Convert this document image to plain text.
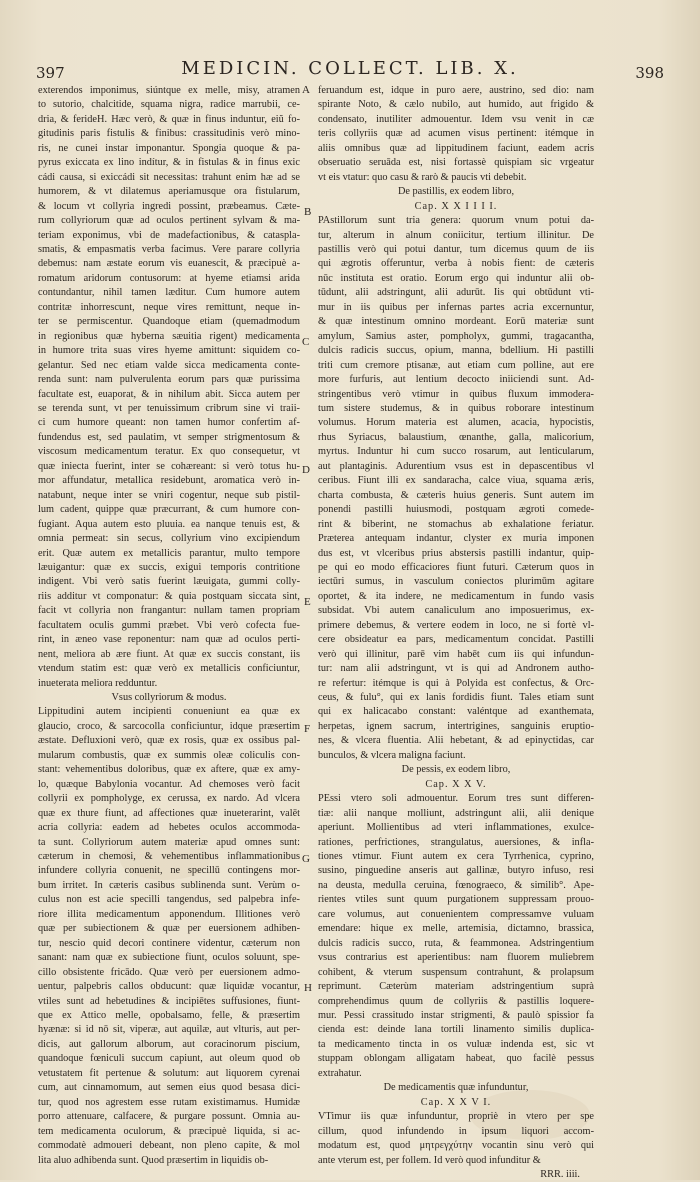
397	MEDICIN. COLLECT. LIB. X.	398
A
B
C
D
E
F
G
H

exterendos imponimus, siúntque ex melle, misy, atramen

to sutorio, chalcitide, squama nigra, radice marrubii, ce-

dria, & ferideH. Hæc verò, & quæ in finus induntur, eiŭ fo-

gitudinis paris fistulis & finibus: crassitudinis verò mino-

ris, ne cunei instar imponantur. Spongia quoque & pa-

pyrus exiccata ex lino indítur, & in fistulas & in finus exic

cádi causa, si exiccádi sit necessitas: trahunt enim hæ ad se

humorem, & vt dilatemus aperiamusque ora fistularum,

& locum vt collyria ingredi possint, præbeamus. Cæte-

rum collyriorum quæ ad oculos pertinent sylvam & ma-

teriam exponimus, vbi de madefactionibus, & cataspla-

smatis, & empasmatis verba facimus. Vere parare collyria

debemus: nam æstate eorum vis euanescit, & præcipuè a-

romatum aridorum contusorum: at hyeme etiamsi arida

contundantur, nihil tamen læditur. Cum humore autem

contritæ inhorrescunt, neque vires remittunt, neque in-

ter se permiscentur. Quandoque etiam (quemadmodum

in regionibus quæ hyberna sæuitia rigent) medicamenta

in humore trita suas vires hyeme amittunt: siquidem co-

gelantur. Sed nec etiam valde sicca medicamenta conte-

renda sunt: nam pulverulenta eorum pars quæ purissima

facultate est, euaporat, & in nihilum abit. Sicca autem per

se terenda sunt, vt per tenuissimum cribrum sine vi traii-

ci cum humore queant: non tamen humor confertim af-

fundendus est, sed paulatim, vt semper strigmentosum &

viscosum medicamentum teratur. Ex quo consequetur, vt

quæ iniecta fuerint, inter se cohæreant: si verò totus hu-

mor affundatur, metallica residebunt, aromatica verò in-

natabunt, neque inter se vniri cogentur, neque sub pistil-

lum cadent, quippe quæ præcurrant, & cum humore con-

fugiant. Aqua autem esto pluuia. ea nanque tenuis est, &

omnia permeat: sin secus, collyrium vino excipiendum

erit. Quæ autem ex metallicis parantur, multo tempore

læuigantur: quæ ex succis, exigui temporis contritione

indigent. Vbi verò satis fuerint læuigata, gummi colly-

riis additur vt componatur: & quia postquam siccata sint,

facit vt collyria non frangantur: nullam tamen propriam

facultatem oculis gummi præbet. Vbi verò cofecta fue-

rint, in æneo vase reponentur: nam quæ ad oculos perti-

nent, meliora ab ære fiunt. At quæ ex succis constant, iis

vtendum statim est: quæ verò ex metallicis conficiuntur,

inueterata meliora redduntur.

Vsus collyriorum & modus.

Lippitudini autem incipienti conueniunt ea quæ ex

glaucio, croco, & sarcocolla conficiuntur, idque præsertim

æstate. Defluxioni verò, quæ ex rosis, quæ ex ossibus pal-

mularum combustis, quæ ex summis oleæ coliculis con-

stant: vehementibus doloribus, quæ ex aftere, quæ ex amy-

lo, quæque Babylonia vocantur. Ad chemoses verò facit

collyrii ex pompholyge, ex cerussa, ex nardo. Ad vlcera

quæ ex thure fiunt, ad affectiones quæ inueterarint, valēt

acria collyria: eadem ad hebetes oculos accommoda-

ta sunt. Collyriorum autem materiæ apud omnes sunt:

cæterum in chemosi, & vehementibus inflammationibus

infundere collyria conuenit, ne specillū contingens mor-

bum irritet. In cæteris casibus sublinenda sunt. Verùm o-

culus non est acie specilli tangendus, sed palpebra infe-

riore illita medicamentum apponendum. Illitiones verò

quæ per subiectionem & quæ per euersionem adhiben-

tur, nescio quid decori continere videntur, cæterum non

sanant: nam quæ ex subiectione fiunt, oculos soluunt, spe-

cillo obsistente fricādo. Quæ verò per euersionem admo-

uentur, palpebris callos obducunt: quæ liquidæ vocantur,

vtiles sunt ad hebetudines & incipiētes suffusiones, fiunt-

que ex Attico melle, opobalsamo, felle, & præsertim

hyænæ: si id nō sit, viperæ, aut aquilæ, aut vlturis, aut per-

dicis, aut gallorum alborum, aut coracinorum piscium,

quandoque fœniculi succum capiunt, aut oleum quod ob

vetustatem fit pertenue & solutum: aut liquorem cyrenai

cum, aut cinnamomum, aut semen eius quod besasa dici-

tur, quod nos agrestem esse rutam existimamus. Humidæ

porro attenuare, calfacere, & purgare possunt. Omnia au-

tem medicamenta oculorum, & præcipuè liquida, si ac-

commodatè admoueri debeant, non pleno capite, & mol

lita aluo adhibenda sunt. Quod præsertim in liquidis ob-

feruandum est, idque in puro aere, austrino, sed dio: nam

spirante Noto, & cælo nubilo, aut humido, aut frigido &

condensato, inutiliter admouentur. Idem vsu venit in cæ

teris collyriis quæ ad acumen visus pertinent: itémque in

aliis omnibus quæ ad lippitudinem faciunt, eadem acris

obseruatio seruāda est, nisi fortassè quispiam sic vrgeatur

vt eis vtatur: quo casu & rarò & paucis vti debebit.

De pastillis, ex eodem libro,

Cap. X X I I I I.

PAstillorum sunt tria genera: quorum vnum potui da-

tur, alterum in alnum coniicitur, tertium illinitur. De

pastillis verò qui potui dantur, tum dicemus quum de iis

qui ægrotis offeruntur, verba à nobis fient: de cæteris

nūc instituta est oratio. Eorum ergo qui induntur alii ob-

tūdunt, alii adstringunt, alii adurūt. Iis qui obtūdunt vti-

mur in iis quibus per infernas partes acria excernuntur,

& quæ intestinum omnino mordeant. Eorū materiæ sunt

amylum, Samius aster, pompholyx, gummi, tragacantha,

dulcis radicis succus, opium, manna, bdellium. Hi pastilli

triti cum cremore ptisanæ, aut etiam cum polline, aut ere

more furfuris, aut lentium decocto iniiciendi sunt. Ad-

stringentibus verò vtimur in quibus fluxum immodera-

tum sistere studemus, & in quibus roborare intestinum

volumus. Horum materia est alumen, acacia, hypocistis,

rhus Syriacus, balaustium, œnanthe, galla, malicorium,

myrtus. Induntur hi cum succo rosarum, aut lenticularum,

aut plantaginis. Adurentium vsus est in depascentibus vl

ceribus. Fiunt illi ex sandaracha, calce viua, squama æris,

charta combusta, & cæteris huius generis. Sunt autem im

ponendi pastilli huiusmodi, postquam ægroti comede-

rint & biberint, ne stomachus ab exhalatione feriatur.

Præterea antequam indantur, clyster ex muria imponen

dus est, vt vlceribus prius abstersis pastilli indantur, quip-

pe qui eo modo efficaciores fiunt futuri. Cæterum quos in

iectūri sumus, in vasculum coniectos plurimūm agitare

oportet, & ita indere, ne medicamentum in fundo vasis

subsidat. Vbi autem canaliculum ano imposuerimus, ex-

primere debemus, & vertere eodem in loco, ne si fortè vl-

cere obsideatur ea pars, medicamentum concidat. Pastilli

verò qui illinitur, parē vim habēt cum iis qui infundun-

tur: nam alii adstringunt, vt is qui ad Andronem autho-

re refertur: itémque is qui à Polyida est confectus, & Orc-

ceus, & fulu°, qui ex lanis fordidis fiunt. Tales etiam sunt

qui ex halicacabo constant: valéntque ad exanthemata,

herpetas, ignem sacrum, intertrigines, sanguinis eruptio-

nes, & vlcera fluentia. Alii hebetant, & ad epinyctidas, car

bunculos, & vlcera maligna faciunt.

De pessis, ex eodem libro,

Cap. X X V.

PEssi vtero soli admouentur. Eorum tres sunt differen-

tiæ: alii nanque molliunt, adstringunt alii, alii denique

aperiunt. Mollientibus ad vteri inflammationes, exulce-

rationes, perfrictiones, strangulatus, auersiones, & infla-

tiones vtimur. Fiunt autem ex cera Tyrrhenica, cyprino,

susino, pinguedine anseris aut gallinæ, butyro infuso, resi

na deusta, medulla ceruina, fœnograeco, & similib°. Ape-

rientes vtiles sunt quum purgationem suppressam prouo-

care volumus, aut conuenientem compressamve vuluam

emendare: hique ex melle, artemisia, dictamno, brassica,

dulcis radicis succo, ruta, & feammonea. Adstringentium

vsus contrarius est aperientibus: nam fluorem muliebrem

cohibent, & vterum suspensum contrahunt, & prolapsum

reprimunt. Cæterùm materiam adstringentium suprà

comprehendimus quum de collyriis & pastillis loquere-

mur. Pessi crassitudo instar strigmenti, & paulò spissior fa

cienda est: deinde lana tortili linamento similis duplica-

ta medicamento tincta in os vuluæ indenda est, sic vt

stuppam oblongam alligatam habeat, quo facilè pessus

extrahatur.

De medicamentis quæ infunduntur,

Cap. X X V I.

VTimur iis quæ infunduntur, propriè in vtero per spe

cillum, quod infundendo in ipsum liquori accom-

modatum est, quod μητρεγχύτην vocantin sinu verò qui

ante vterum est, per follem. Id verò quod infunditur &

RRR. iiii.
